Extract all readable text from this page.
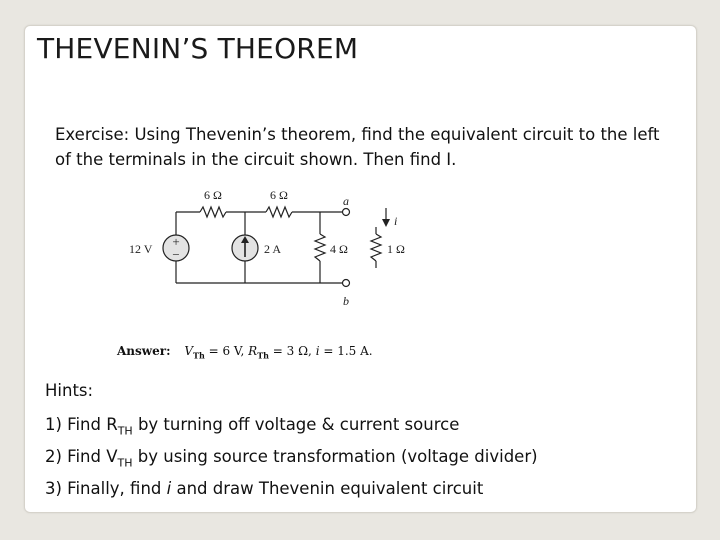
THEVENIN’S THEOREM
Exercise: Using Thevenin’s theorem, find the equivalent circuit to the left of the terminals in the circuit shown. Then find I.
+
−
6 Ω	6 Ω	a
b
12 V	2 A	4 Ω	1 Ω
i
Answer: $V_{Th} = 6$ V, $R_{Th} = 3$ Ω, i = 1.5 A.
Hints:
1) Find $R_{TH}$ by turning off voltage & current source
2) Find $V_{TH}$ by using source transformation (voltage divider)
3) Finally, find i and draw Thevenin equivalent circuit
